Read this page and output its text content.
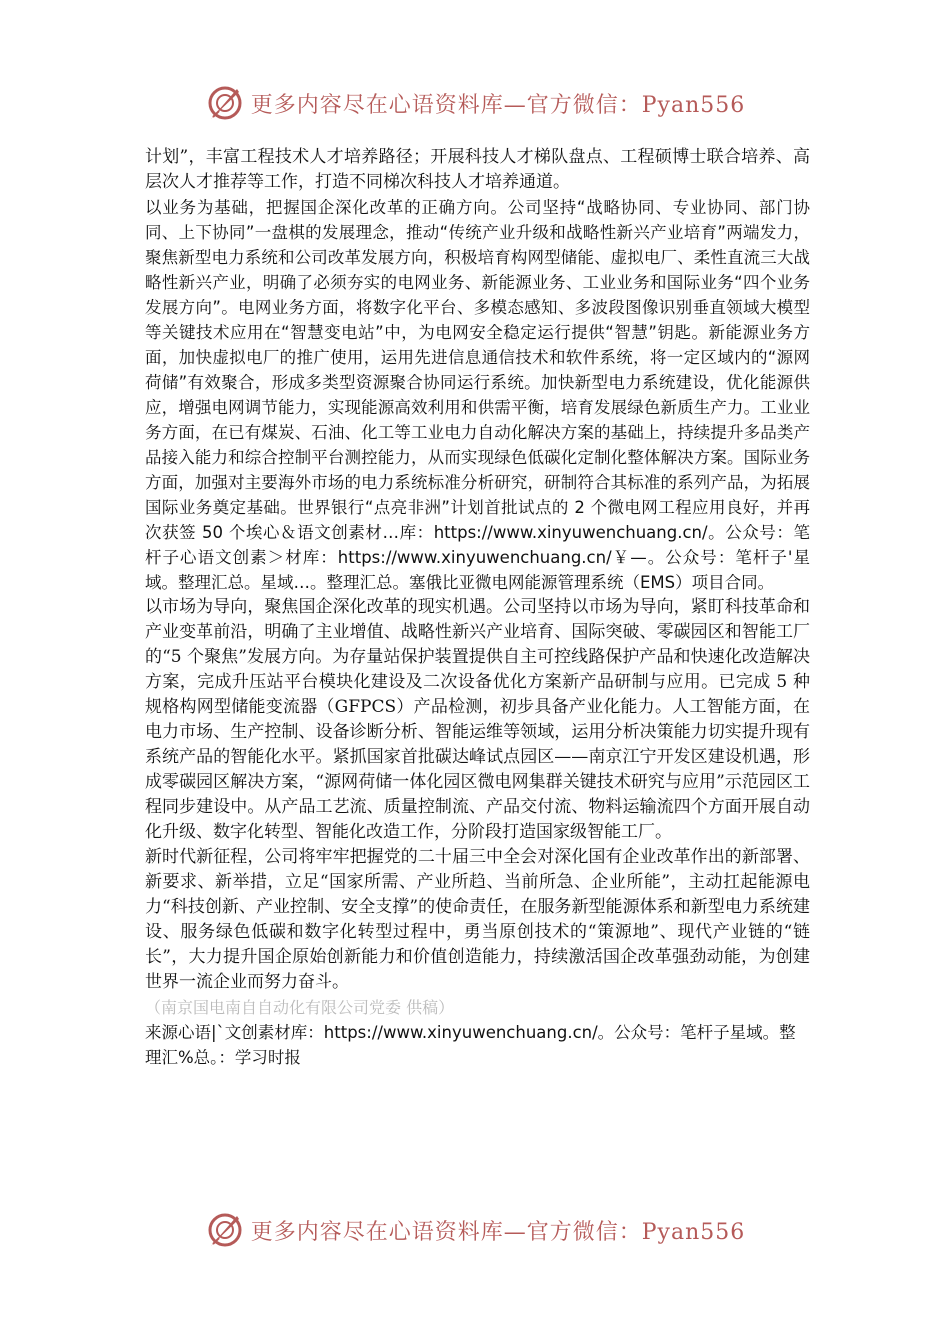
更多内容尽在心语资料库—官方微信：Pyan556

计划”，丰富工程技术人才培养路径；开展科技人才梯队盘点、工程硕博士联合培养、高层次人才推荐等工作，打造不同梯次科技人才培养通道。

以业务为基础，把握国企深化改革的正确方向。公司坚持“战略协同、专业协同、部门协同、上下协同”一盘棋的发展理念，推动“传统产业升级和战略性新兴产业培育”两端发力，聚焦新型电力系统和公司改革发展方向，积极培育构网型储能、虚拟电厂、柔性直流三大战略性新兴产业，明确了必须夯实的电网业务、新能源业务、工业业务和国际业务“四个业务发展方向”。电网业务方面，将数字化平台、多模态感知、多波段图像识别垂直领域大模型等关键技术应用在“智慧变电站”中，为电网安全稳定运行提供“智慧”钥匙。新能源业务方面，加快虚拟电厂的推广使用，运用先进信息通信技术和软件系统，将一定区域内的“源网荷储”有效聚合，形成多类型资源聚合协同运行系统。加快新型电力系统建设，优化能源供应，增强电网调节能力，实现能源高效利用和供需平衡，培育发展绿色新质生产力。工业业务方面，在已有煤炭、石油、化工等工业电力自动化解决方案的基础上，持续提升多品类产品接入能力和综合控制平台测控能力，从而实现绿色低碳化定制化整体解决方案。国际业务方面，加强对主要海外市场的电力系统标准分析研究，研制符合其标准的系列产品，为拓展国际业务奠定基础。世界银行“点亮非洲”计划首批试点的 2 个微电网工程应用良好，并再次获签 50 个埃心＆语文创素材…库：https://www.xinyuwenchuang.cn/。公众号：笔杆子心语文创素＞材库：https://www.xinyuwenchuang.cn/￥—。公众号：笔杆子'星域。整理汇总。星域…。整理汇总。塞俄比亚微电网能源管理系统（EMS）项目合同。

以市场为导向，聚焦国企深化改革的现实机遇。公司坚持以市场为导向，紧盯科技革命和产业变革前沿，明确了主业增值、战略性新兴产业培育、国际突破、零碳园区和智能工厂的“5 个聚焦”发展方向。为存量站保护装置提供自主可控线路保护产品和快速化改造解决方案，完成升压站平台模块化建设及二次设备优化方案新产品研制与应用。已完成 5 种规格构网型储能变流器（GFPCS）产品检测，初步具备产业化能力。人工智能方面，在电力市场、生产控制、设备诊断分析、智能运维等领域，运用分析决策能力切实提升现有系统产品的智能化水平。紧抓国家首批碳达峰试点园区——南京江宁开发区建设机遇，形成零碳园区解决方案，“源网荷储一体化园区微电网集群关键技术研究与应用”示范园区工程同步建设中。从产品工艺流、质量控制流、产品交付流、物料运输流四个方面开展自动化升级、数字化转型、智能化改造工作，分阶段打造国家级智能工厂。

新时代新征程，公司将牢牢把握党的二十届三中全会对深化国有企业改革作出的新部署、新要求、新举措，立足“国家所需、产业所趋、当前所急、企业所能”，主动扛起能源电力“科技创新、产业控制、安全支撑”的使命责任，在服务新型能源体系和新型电力系统建设、服务绿色低碳和数字化转型过程中，勇当原创技术的“策源地”、现代产业链的“链长”，大力提升国企原始创新能力和价值创造能力，持续激活国企改革强劲动能，为创建世界一流企业而努力奋斗。

（南京国电南自自动化有限公司党委 供稿）

来源心语|`文创素材库：https://www.xinyuwenchuang.cn/。公众号：笔杆子星域。整理汇%总。：学习时报

更多内容尽在心语资料库—官方微信：Pyan556
